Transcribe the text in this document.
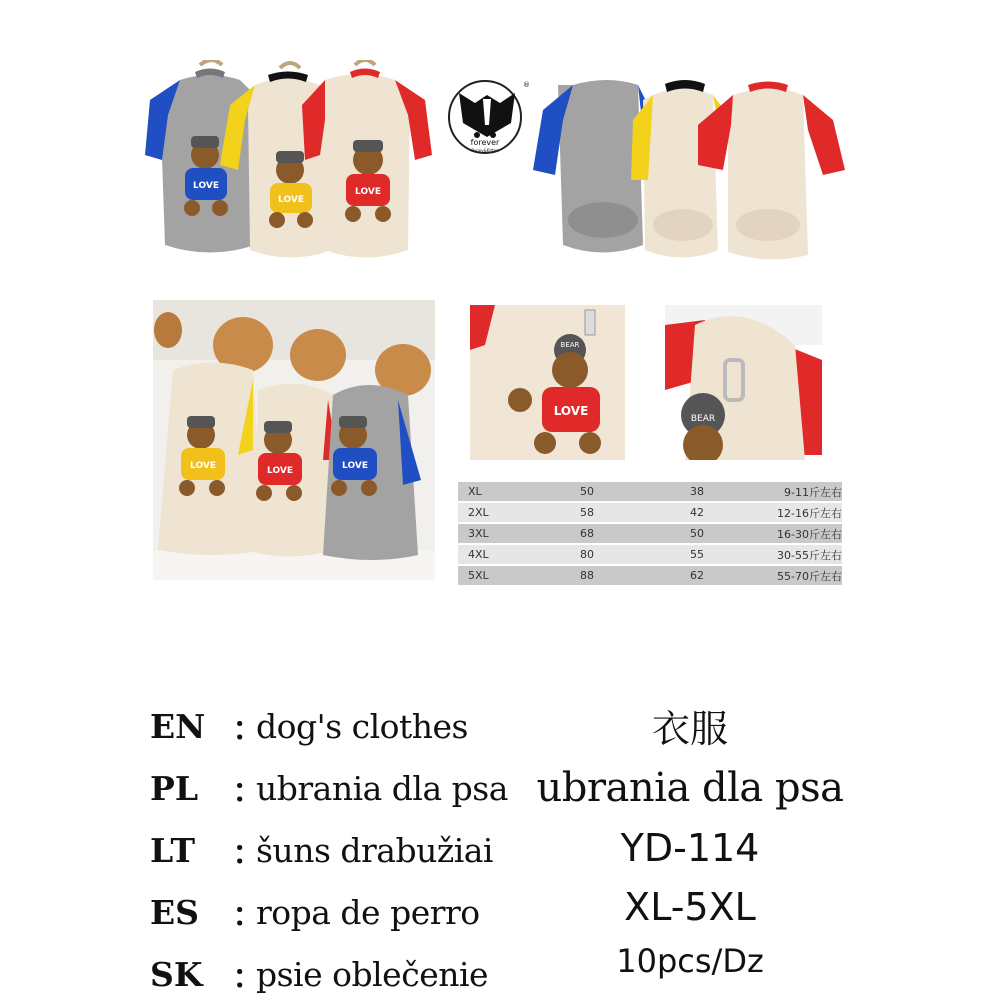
LOVE
LOVE
LOVE
forever
Puppy&Kitten
®
LOVE	LOVE	LOVE
BEAR
LOVE
BEAR
XL	50	38	9-11斤左右
2XL	58	42	12-16斤左右
3XL	68	50	16-30斤左右
4XL	80	55	30-55斤左右
5XL	88	62	55-70斤左右
EN ：
dog's clothes
PL	：
ubrania dla psa
LT	：
šuns drabužiai
ES	：
ropa de perro
SK ：
psie oblečenie
衣服
ubrania dla psa
YD-114
XL-5XL
10pcs/Dz
